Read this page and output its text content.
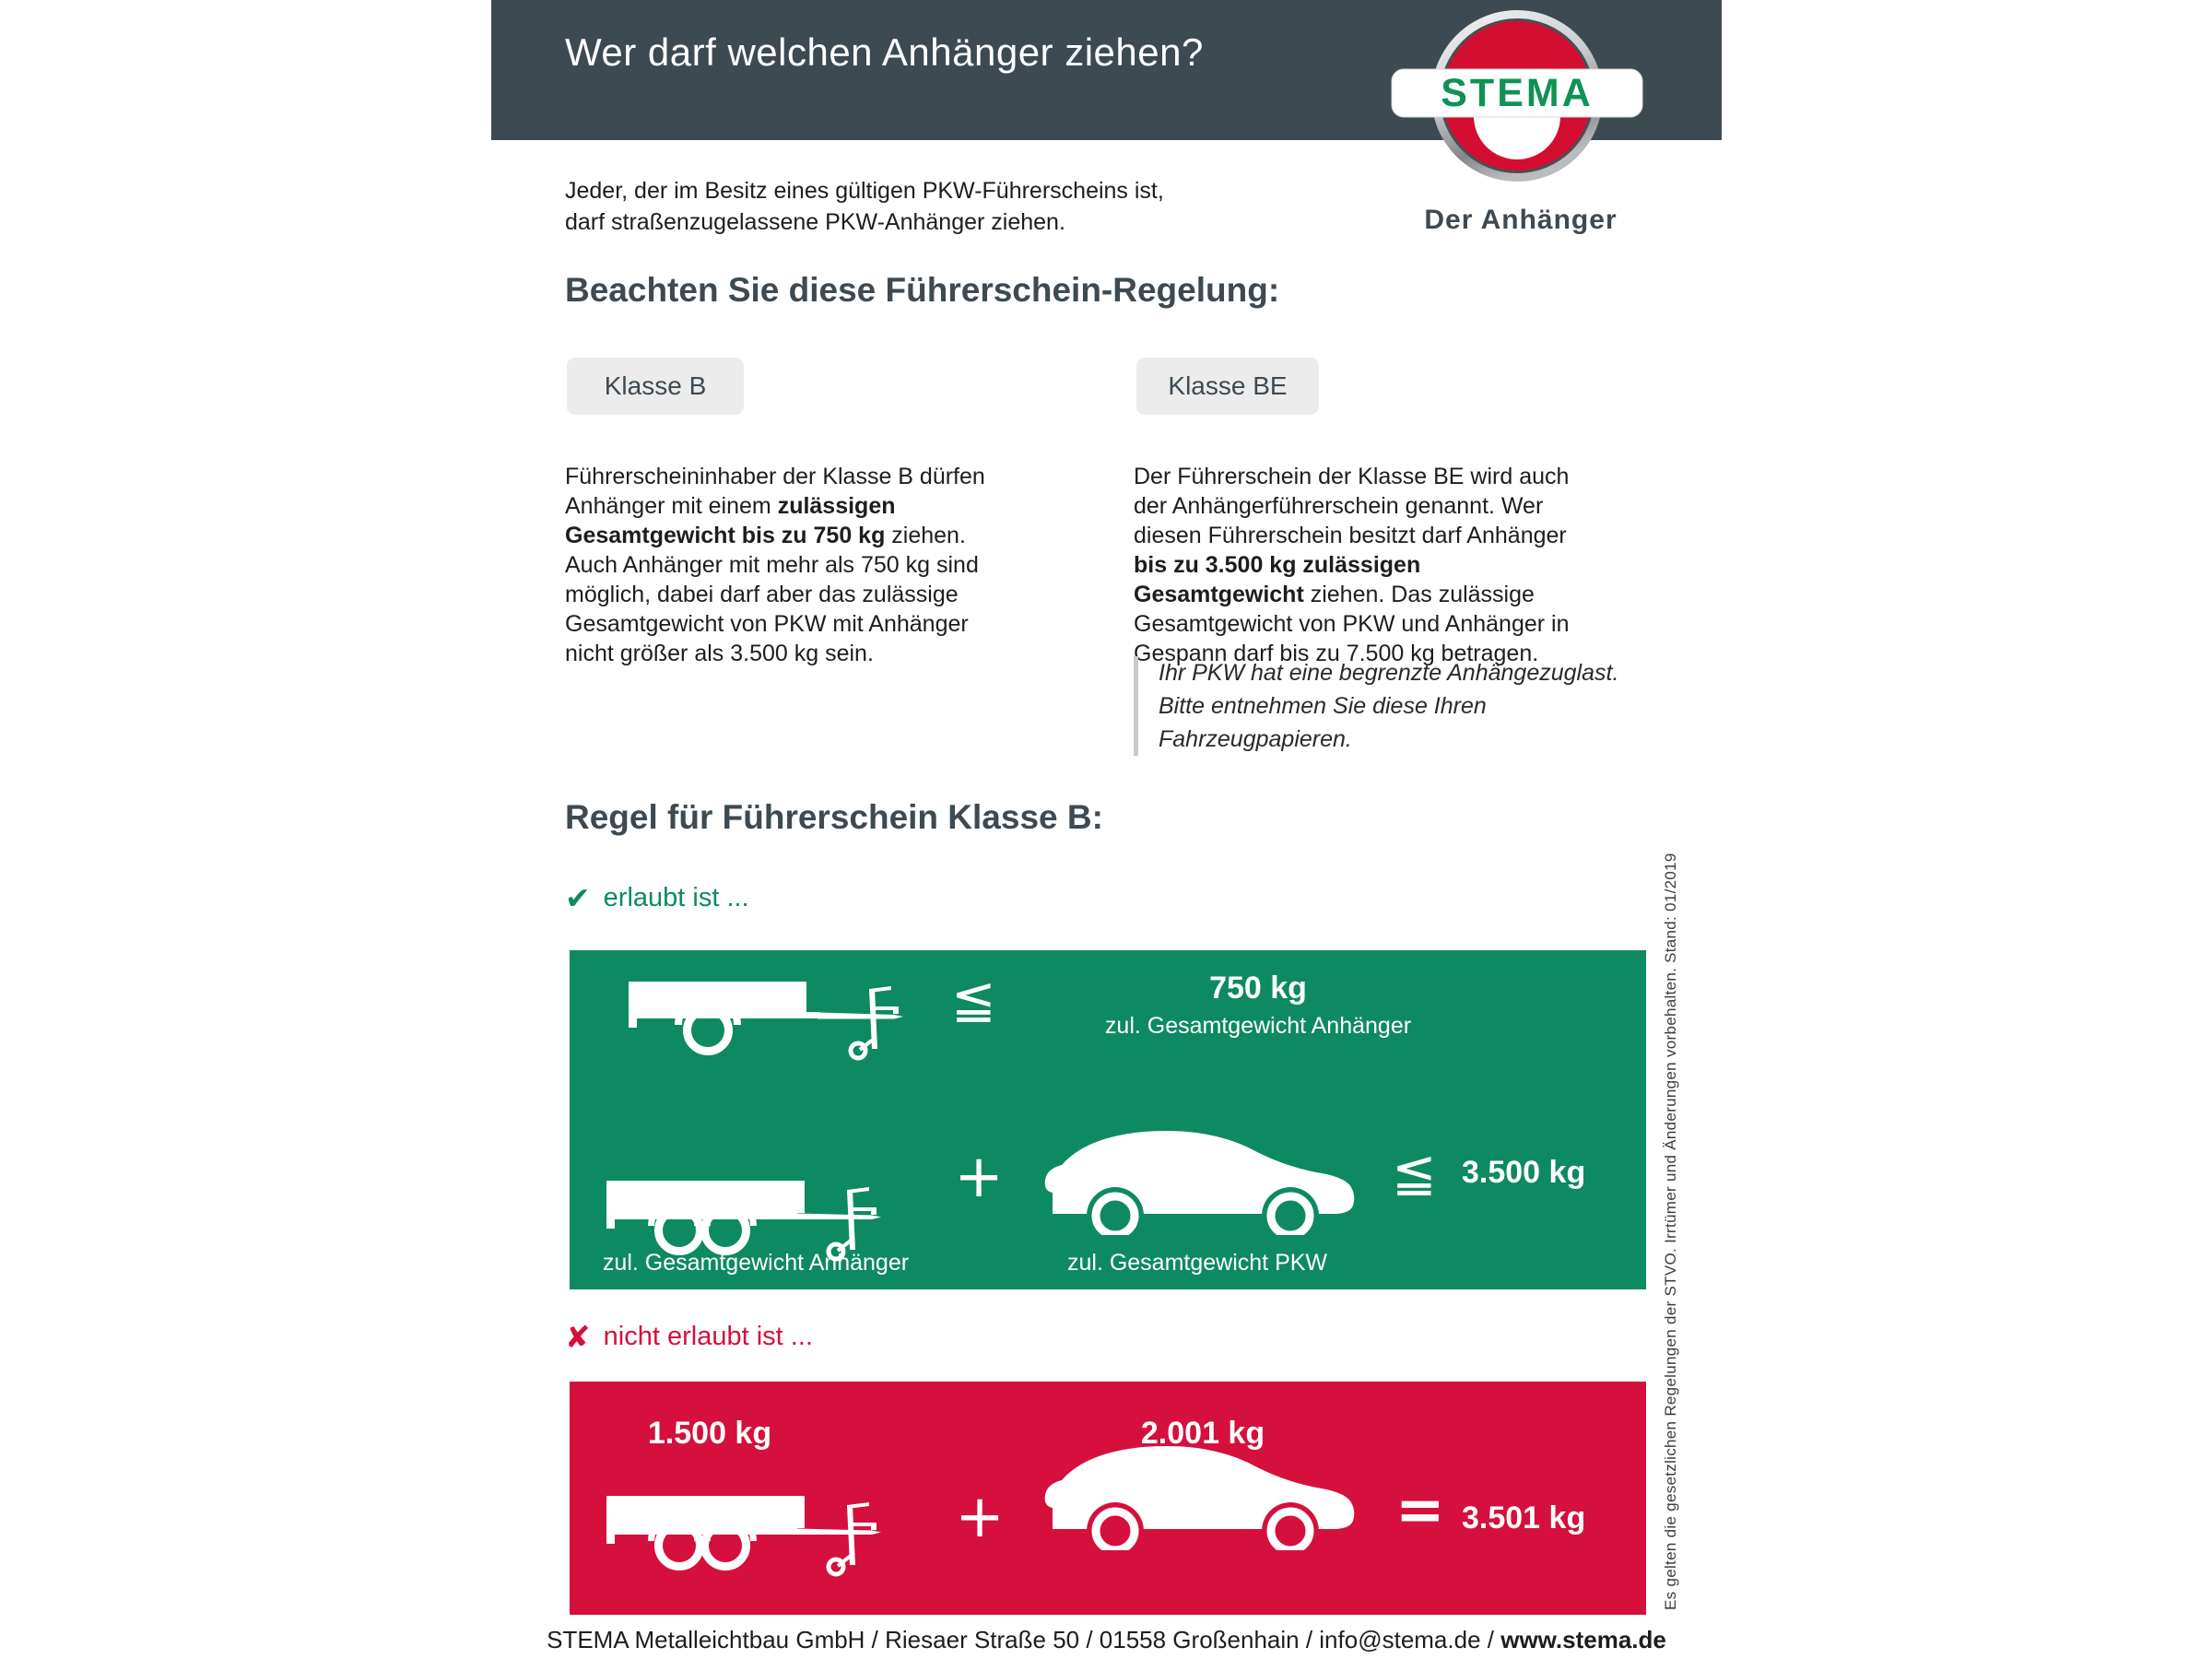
Wer darf welchen Anhänger ziehen?
STEMA
Der Anhänger
Jeder, der im Besitz eines gültigen PKW-Führerscheins ist,
darf straßenzugelassene PKW-Anhänger ziehen.
Beachten Sie diese Führerschein-Regelung:
Klasse B	Klasse BE

Führerscheininhaber der Klasse B dürfen Anhänger mit einem zulässigen Gesamtgewicht bis zu 750 kg ziehen. Auch Anhänger mit mehr als 750 kg sind möglich, dabei darf aber das zulässige Gesamtgewicht von PKW mit Anhänger nicht größer als 3.500 kg sein.

Der Führerschein der Klasse BE wird auch der Anhängerführerschein genannt. Wer diesen Führerschein besitzt darf Anhänger bis zu 3.500 kg zulässigen Gesamtgewicht ziehen. Das zulässige Gesamtgewicht von PKW und Anhänger in Gespann darf bis zu 7.500 kg betragen.

Ihr PKW hat eine begrenzte Anhängezuglast.
Bitte entnehmen Sie diese Ihren Fahrzeugpapieren.
Regel für Führerschein Klasse B:
✔ erlaubt ist ...
≦	750 kg
zul. Gesamtgewicht Anhänger
+	≦ 3.500 kg
zul. Gesamtgewicht Anhänger	zul. Gesamtgewicht PKW
✘ nicht erlaubt ist ...
1.500 kg	2.001 kg
+	= 3.501 kg
STEMA Metalleichtbau GmbH / Riesaer Straße 50 / 01558 Großenhain / info@stema.de / www.stema.de
Es gelten die gesetzlichen Regelungen der STVO. Irrtümer und Änderungen vorbehalten. Stand: 01/2019
